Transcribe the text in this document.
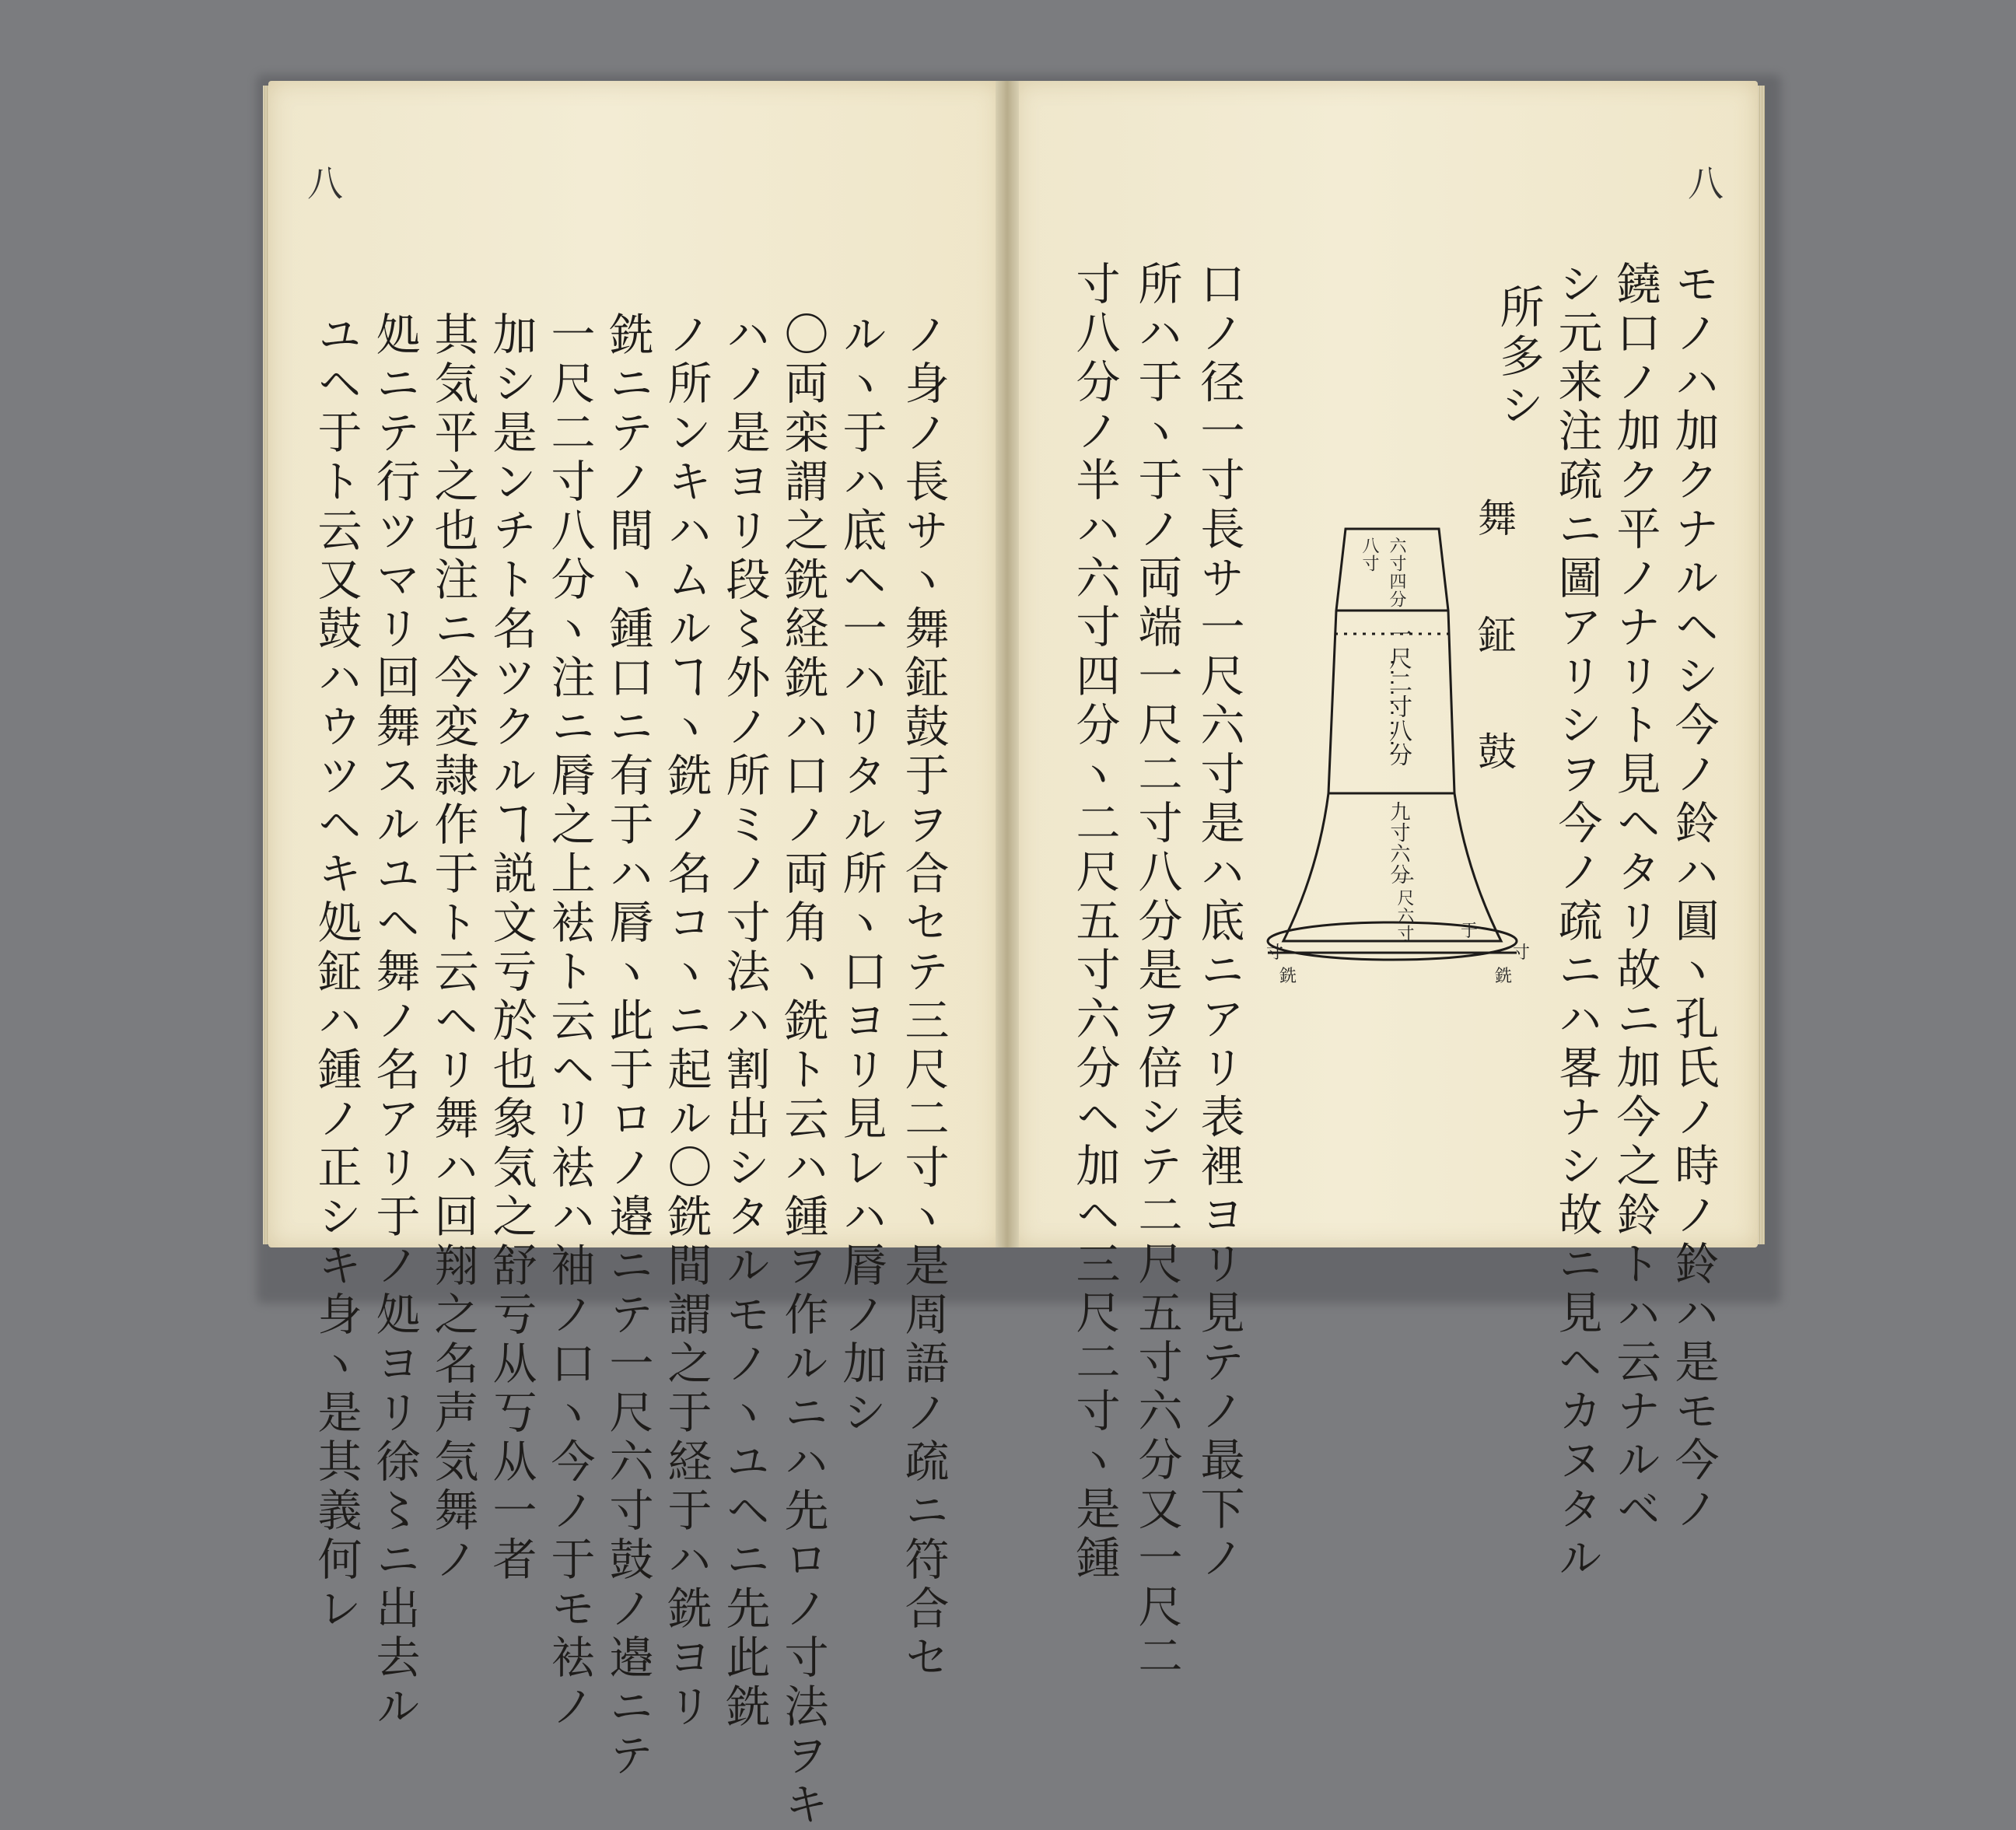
八	八
ノ身ノ長サヽ舞鉦鼓于ヲ合セテ三尺二寸ヽ是周語ノ疏ニ符合セ
ルヽ于ハ底ヘ一ハリタル所ヽ口ヨリ見レハ脣ノ加シ
〇両栾謂之銑経銑ハ口ノ両角ヽ銑ト云ハ鍾ヲ作ルニハ先ロノ寸法ヲキ
ハノ是ヨリ段〻外ノ所ミノ寸法ハ割出シタルモノヽユヘニ先此銑
ノ所ンキハムルヿヽ銑ノ名コヽニ起ル〇銑間謂之于経于ハ銑ヨリ
銑ニテノ間ヽ鍾口ニ有于ハ脣ヽ此于ロノ邉ニテ一尺六寸鼓ノ邉ニテ
一尺二寸八分ヽ注ニ脣之上袪ト云ヘリ袪ハ袖ノ口ヽ今ノ于モ袪ノ
加シ是ンチト名ツクルヿ説文亏於也象気之舒亏从丂从一者
其気平之也注ニ今変隷作于ト云ヘリ舞ハ回翔之名声気舞ノ
処ニテ行ツマリ回舞スルユヘ舞ノ名アリ于ノ処ヨリ徐〻ニ出去ル
ユヘ于ト云又鼓ハウツヘキ処鉦ハ鍾ノ正シキ身ヽ是其義何レ	モノハ加クナルヘシ今ノ鈴ハ圓ヽ孔氏ノ時ノ鈴ハ是モ今ノ
鐃口ノ加ク平ノナリト見ヘタリ故ニ加今之鈴トハ云ナルベ
シ元来注疏ニ圖アリシヲ今ノ疏ニハ畧ナシ故ニ見ヘカヌタル
所多シ
口ノ径一寸長サ一尺六寸是ハ底ニアリ表裡ヨリ見テノ最下ノ
所ハ于ヽ于ノ両端一尺二寸八分是ヲ倍シテ二尺五寸六分又一尺二
寸八分ノ半ハ六寸四分ヽ二尺五寸六分ヘ加ヘ三尺二寸ヽ是鍾	舞鉦鼓
六寸四分
八寸
一尺二寸八分
九寸六分
一尺六寸	于
寸
銑
寸
銑
